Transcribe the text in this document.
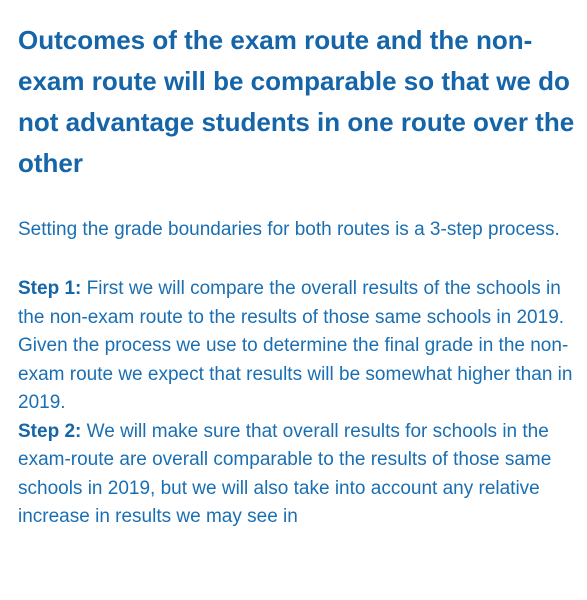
Outcomes of the exam route and the non-exam route will be comparable so that we do not advantage students in one route over the other

Setting the grade boundaries for both routes is a 3-step process.

Step 1: First we will compare the overall results of the schools in the non-exam route to the results of those same schools in 2019. Given the process we use to determine the final grade in the non-exam route we expect that results will be somewhat higher than in 2019.

Step 2: We will make sure that overall results for schools in the exam-route are overall comparable to the results of those same schools in 2019, but we will also take into account any relative increase in results we may see in
